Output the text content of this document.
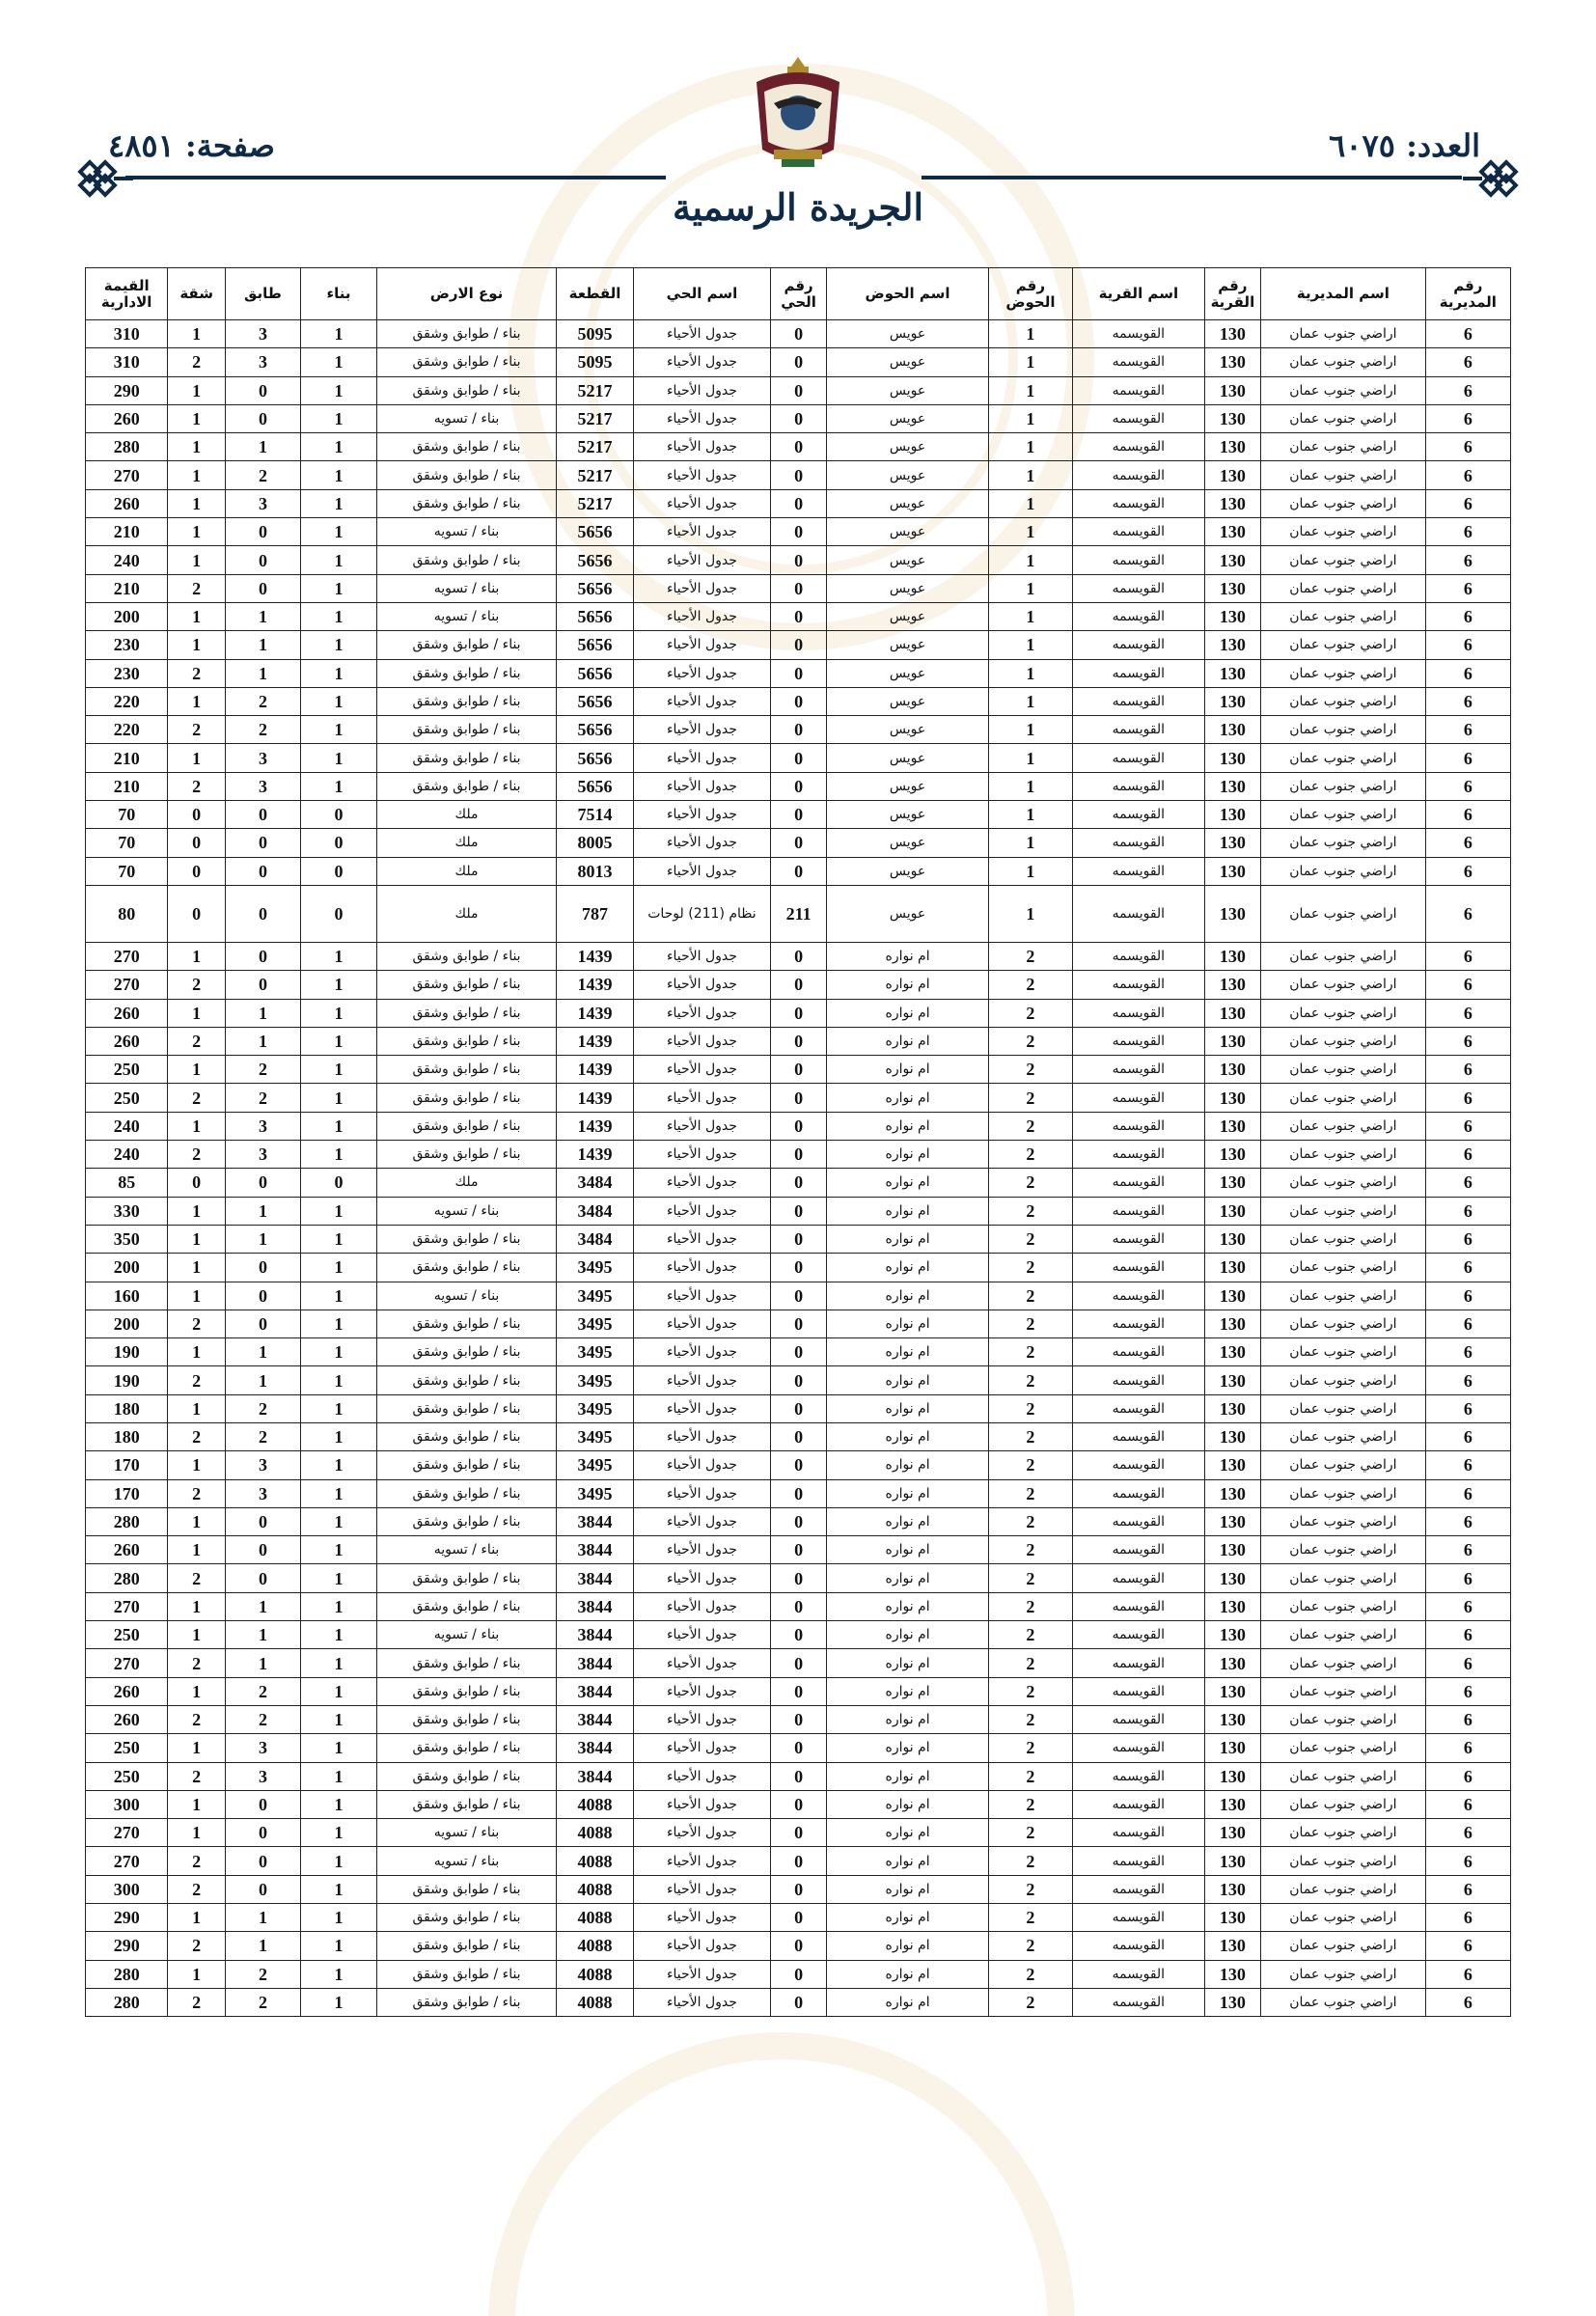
العدد: ٦٠٧٥
صفحة: ٤٨٥١
الجريدة الرسمية
رقم المديرية	اسم المديرية	رقم القرية	اسم القرية	رقم الحوض	اسم الحوض	رقم الحي	اسم الحي	القطعة	نوع الارض	بناء	طابق	شقة	القيمة الادارية
6	اراضي جنوب عمان	130	القويسمه	1	عويس	0	جدول الأحياء	5095	بناء / طوابق وشقق	1	3	1	310
6	اراضي جنوب عمان	130	القويسمه	1	عويس	0	جدول الأحياء	5095	بناء / طوابق وشقق	1	3	2	310
6	اراضي جنوب عمان	130	القويسمه	1	عويس	0	جدول الأحياء	5217	بناء / طوابق وشقق	1	0	1	290
6	اراضي جنوب عمان	130	القويسمه	1	عويس	0	جدول الأحياء	5217	بناء / تسويه	1	0	1	260
6	اراضي جنوب عمان	130	القويسمه	1	عويس	0	جدول الأحياء	5217	بناء / طوابق وشقق	1	1	1	280
6	اراضي جنوب عمان	130	القويسمه	1	عويس	0	جدول الأحياء	5217	بناء / طوابق وشقق	1	2	1	270
6	اراضي جنوب عمان	130	القويسمه	1	عويس	0	جدول الأحياء	5217	بناء / طوابق وشقق	1	3	1	260
6	اراضي جنوب عمان	130	القويسمه	1	عويس	0	جدول الأحياء	5656	بناء / تسويه	1	0	1	210
6	اراضي جنوب عمان	130	القويسمه	1	عويس	0	جدول الأحياء	5656	بناء / طوابق وشقق	1	0	1	240
6	اراضي جنوب عمان	130	القويسمه	1	عويس	0	جدول الأحياء	5656	بناء / تسويه	1	0	2	210
6	اراضي جنوب عمان	130	القويسمه	1	عويس	0	جدول الأحياء	5656	بناء / تسويه	1	1	1	200
6	اراضي جنوب عمان	130	القويسمه	1	عويس	0	جدول الأحياء	5656	بناء / طوابق وشقق	1	1	1	230
6	اراضي جنوب عمان	130	القويسمه	1	عويس	0	جدول الأحياء	5656	بناء / طوابق وشقق	1	1	2	230
6	اراضي جنوب عمان	130	القويسمه	1	عويس	0	جدول الأحياء	5656	بناء / طوابق وشقق	1	2	1	220
6	اراضي جنوب عمان	130	القويسمه	1	عويس	0	جدول الأحياء	5656	بناء / طوابق وشقق	1	2	2	220
6	اراضي جنوب عمان	130	القويسمه	1	عويس	0	جدول الأحياء	5656	بناء / طوابق وشقق	1	3	1	210
6	اراضي جنوب عمان	130	القويسمه	1	عويس	0	جدول الأحياء	5656	بناء / طوابق وشقق	1	3	2	210
6	اراضي جنوب عمان	130	القويسمه	1	عويس	0	جدول الأحياء	7514	ملك	0	0	0	70
6	اراضي جنوب عمان	130	القويسمه	1	عويس	0	جدول الأحياء	8005	ملك	0	0	0	70
6	اراضي جنوب عمان	130	القويسمه	1	عويس	0	جدول الأحياء	8013	ملك	0	0	0	70
6	اراضي جنوب عمان	130	القويسمه	1	عويس	211	نظام (211) لوحات	787	ملك	0	0	0	80
6	اراضي جنوب عمان	130	القويسمه	2	ام نواره	0	جدول الأحياء	1439	بناء / طوابق وشقق	1	0	1	270
6	اراضي جنوب عمان	130	القويسمه	2	ام نواره	0	جدول الأحياء	1439	بناء / طوابق وشقق	1	0	2	270
6	اراضي جنوب عمان	130	القويسمه	2	ام نواره	0	جدول الأحياء	1439	بناء / طوابق وشقق	1	1	1	260
6	اراضي جنوب عمان	130	القويسمه	2	ام نواره	0	جدول الأحياء	1439	بناء / طوابق وشقق	1	1	2	260
6	اراضي جنوب عمان	130	القويسمه	2	ام نواره	0	جدول الأحياء	1439	بناء / طوابق وشقق	1	2	1	250
6	اراضي جنوب عمان	130	القويسمه	2	ام نواره	0	جدول الأحياء	1439	بناء / طوابق وشقق	1	2	2	250
6	اراضي جنوب عمان	130	القويسمه	2	ام نواره	0	جدول الأحياء	1439	بناء / طوابق وشقق	1	3	1	240
6	اراضي جنوب عمان	130	القويسمه	2	ام نواره	0	جدول الأحياء	1439	بناء / طوابق وشقق	1	3	2	240
6	اراضي جنوب عمان	130	القويسمه	2	ام نواره	0	جدول الأحياء	3484	ملك	0	0	0	85
6	اراضي جنوب عمان	130	القويسمه	2	ام نواره	0	جدول الأحياء	3484	بناء / تسويه	1	1	1	330
6	اراضي جنوب عمان	130	القويسمه	2	ام نواره	0	جدول الأحياء	3484	بناء / طوابق وشقق	1	1	1	350
6	اراضي جنوب عمان	130	القويسمه	2	ام نواره	0	جدول الأحياء	3495	بناء / طوابق وشقق	1	0	1	200
6	اراضي جنوب عمان	130	القويسمه	2	ام نواره	0	جدول الأحياء	3495	بناء / تسويه	1	0	1	160
6	اراضي جنوب عمان	130	القويسمه	2	ام نواره	0	جدول الأحياء	3495	بناء / طوابق وشقق	1	0	2	200
6	اراضي جنوب عمان	130	القويسمه	2	ام نواره	0	جدول الأحياء	3495	بناء / طوابق وشقق	1	1	1	190
6	اراضي جنوب عمان	130	القويسمه	2	ام نواره	0	جدول الأحياء	3495	بناء / طوابق وشقق	1	1	2	190
6	اراضي جنوب عمان	130	القويسمه	2	ام نواره	0	جدول الأحياء	3495	بناء / طوابق وشقق	1	2	1	180
6	اراضي جنوب عمان	130	القويسمه	2	ام نواره	0	جدول الأحياء	3495	بناء / طوابق وشقق	1	2	2	180
6	اراضي جنوب عمان	130	القويسمه	2	ام نواره	0	جدول الأحياء	3495	بناء / طوابق وشقق	1	3	1	170
6	اراضي جنوب عمان	130	القويسمه	2	ام نواره	0	جدول الأحياء	3495	بناء / طوابق وشقق	1	3	2	170
6	اراضي جنوب عمان	130	القويسمه	2	ام نواره	0	جدول الأحياء	3844	بناء / طوابق وشقق	1	0	1	280
6	اراضي جنوب عمان	130	القويسمه	2	ام نواره	0	جدول الأحياء	3844	بناء / تسويه	1	0	1	260
6	اراضي جنوب عمان	130	القويسمه	2	ام نواره	0	جدول الأحياء	3844	بناء / طوابق وشقق	1	0	2	280
6	اراضي جنوب عمان	130	القويسمه	2	ام نواره	0	جدول الأحياء	3844	بناء / طوابق وشقق	1	1	1	270
6	اراضي جنوب عمان	130	القويسمه	2	ام نواره	0	جدول الأحياء	3844	بناء / تسويه	1	1	1	250
6	اراضي جنوب عمان	130	القويسمه	2	ام نواره	0	جدول الأحياء	3844	بناء / طوابق وشقق	1	1	2	270
6	اراضي جنوب عمان	130	القويسمه	2	ام نواره	0	جدول الأحياء	3844	بناء / طوابق وشقق	1	2	1	260
6	اراضي جنوب عمان	130	القويسمه	2	ام نواره	0	جدول الأحياء	3844	بناء / طوابق وشقق	1	2	2	260
6	اراضي جنوب عمان	130	القويسمه	2	ام نواره	0	جدول الأحياء	3844	بناء / طوابق وشقق	1	3	1	250
6	اراضي جنوب عمان	130	القويسمه	2	ام نواره	0	جدول الأحياء	3844	بناء / طوابق وشقق	1	3	2	250
6	اراضي جنوب عمان	130	القويسمه	2	ام نواره	0	جدول الأحياء	4088	بناء / طوابق وشقق	1	0	1	300
6	اراضي جنوب عمان	130	القويسمه	2	ام نواره	0	جدول الأحياء	4088	بناء / تسويه	1	0	1	270
6	اراضي جنوب عمان	130	القويسمه	2	ام نواره	0	جدول الأحياء	4088	بناء / تسويه	1	0	2	270
6	اراضي جنوب عمان	130	القويسمه	2	ام نواره	0	جدول الأحياء	4088	بناء / طوابق وشقق	1	0	2	300
6	اراضي جنوب عمان	130	القويسمه	2	ام نواره	0	جدول الأحياء	4088	بناء / طوابق وشقق	1	1	1	290
6	اراضي جنوب عمان	130	القويسمه	2	ام نواره	0	جدول الأحياء	4088	بناء / طوابق وشقق	1	1	2	290
6	اراضي جنوب عمان	130	القويسمه	2	ام نواره	0	جدول الأحياء	4088	بناء / طوابق وشقق	1	2	1	280
6	اراضي جنوب عمان	130	القويسمه	2	ام نواره	0	جدول الأحياء	4088	بناء / طوابق وشقق	1	2	2	280
